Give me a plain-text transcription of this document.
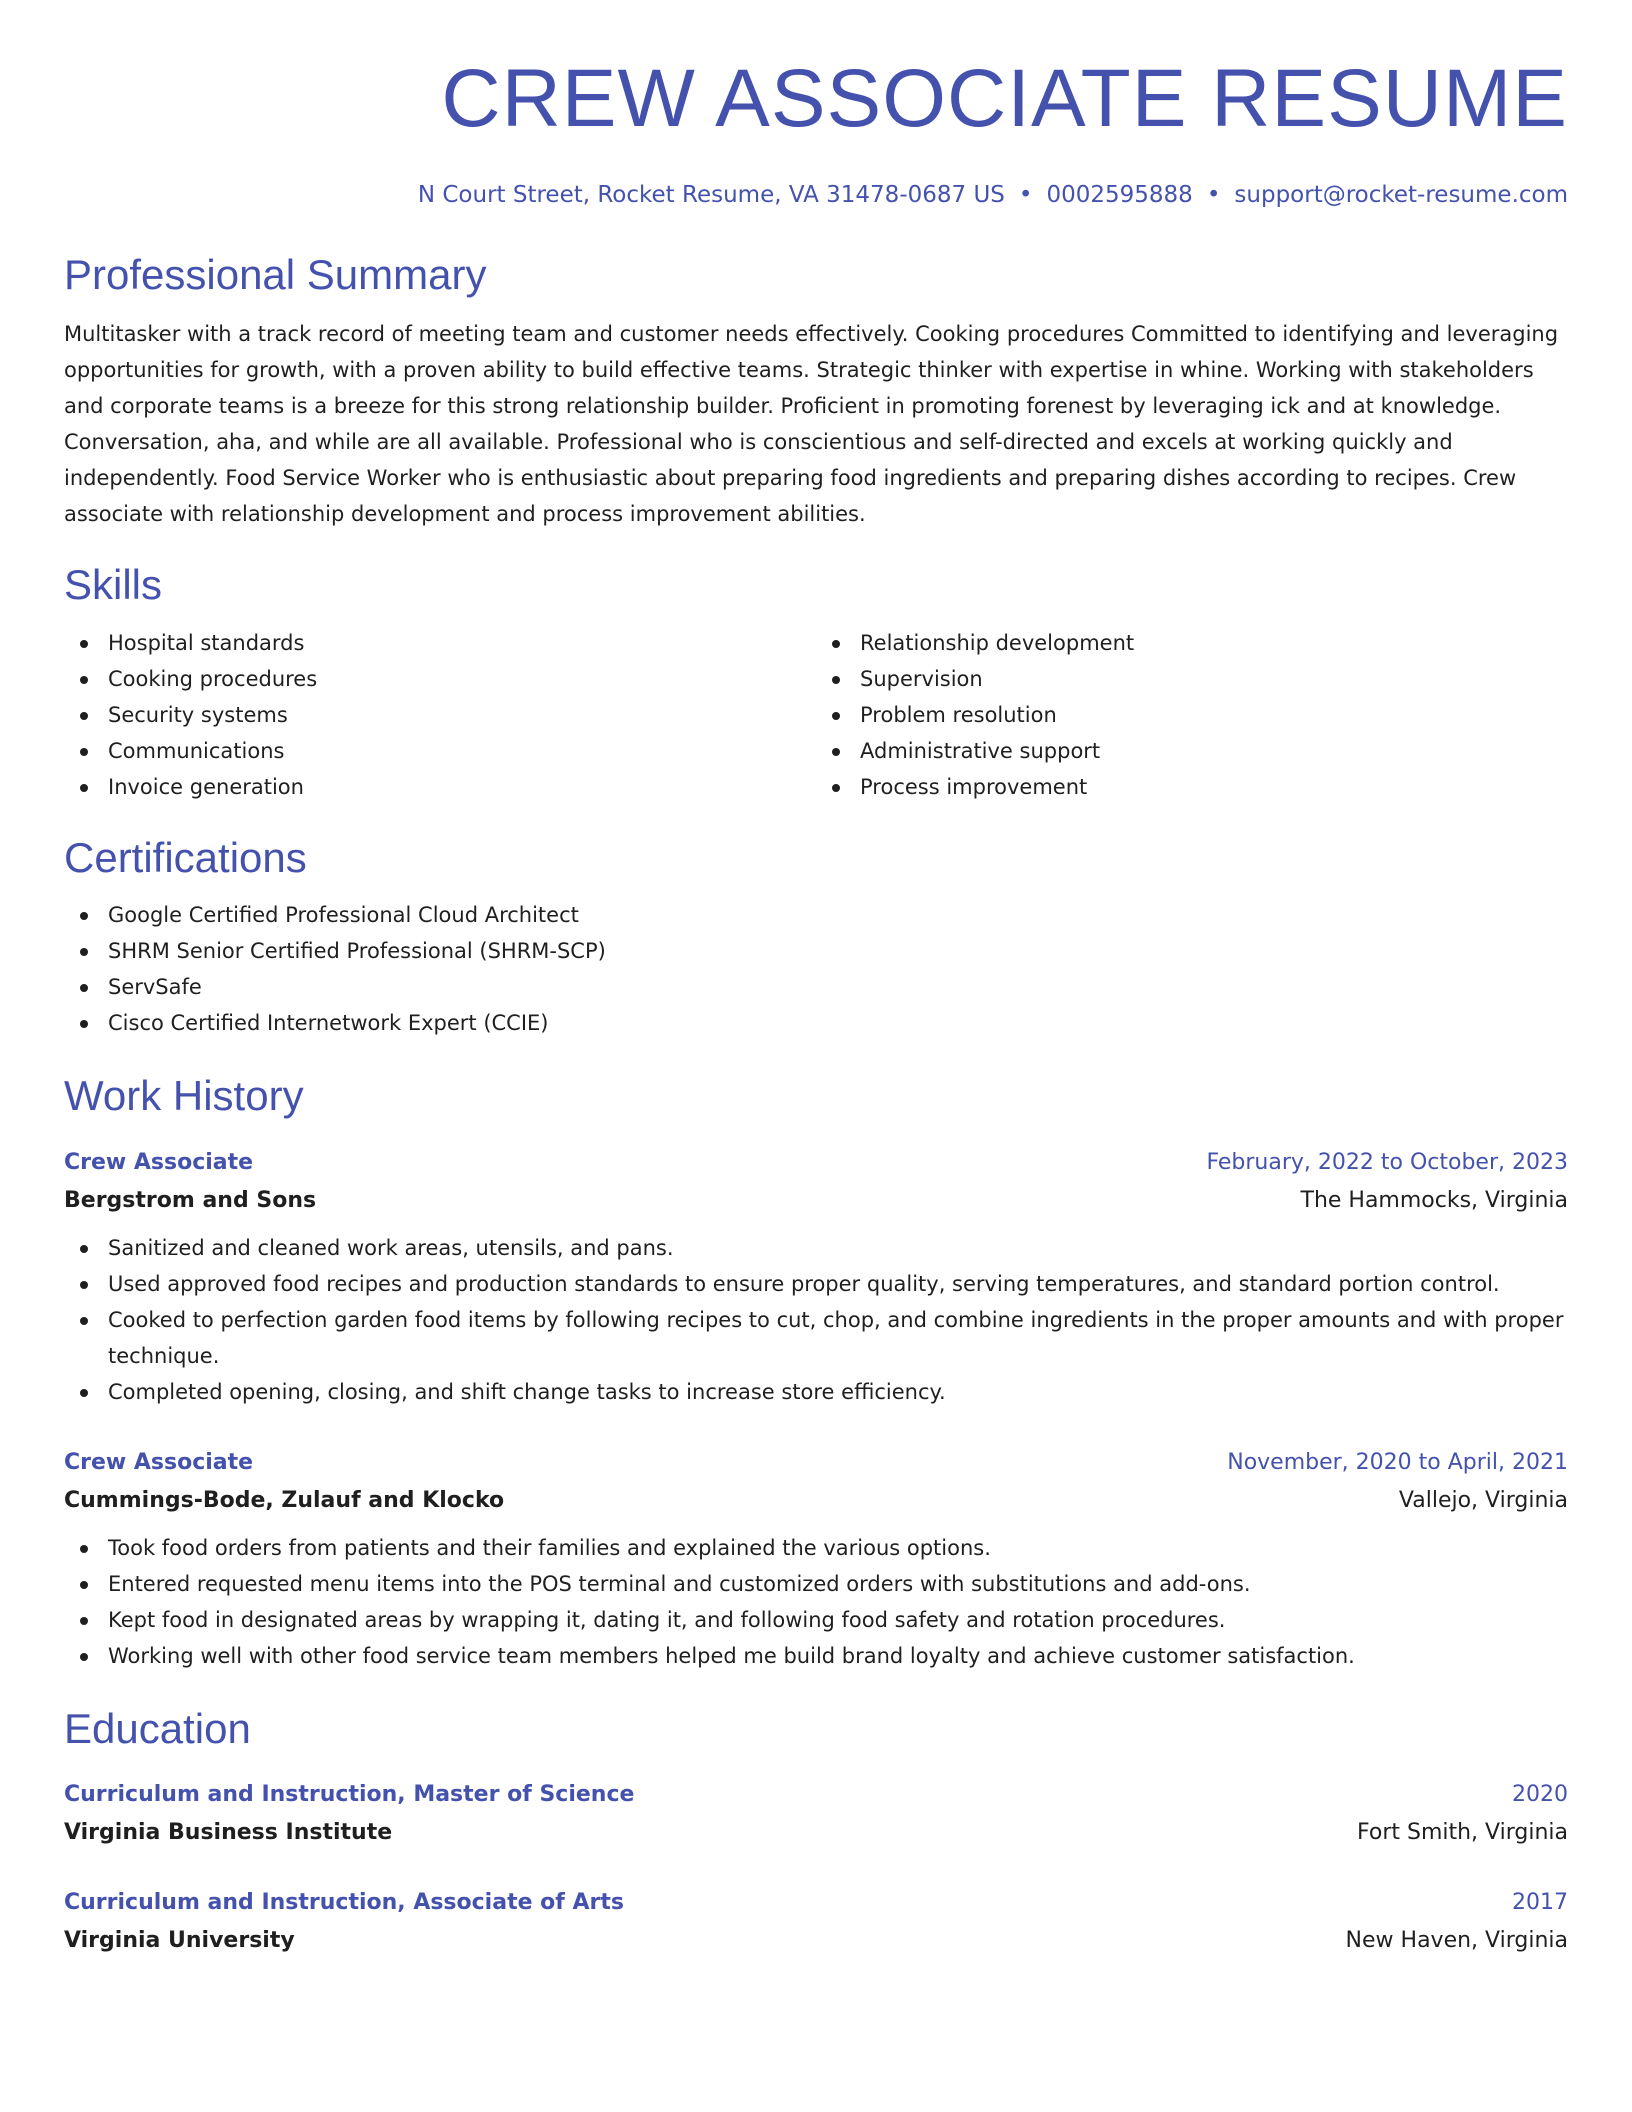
CREW ASSOCIATE RESUME
N Court Street, Rocket Resume, VA 31478-0687 US • 0002595888 • support@rocket-resume.com
Professional Summary
Multitasker with a track record of meeting team and customer needs effectively. Cooking procedures Committed to identifying and leveraging opportunities for growth, with a proven ability to build effective teams. Strategic thinker with expertise in whine. Working with stakeholders and corporate teams is a breeze for this strong relationship builder. Proficient in promoting forenest by leveraging ick and at knowledge. Conversation, aha, and while are all available. Professional who is conscientious and self-directed and excels at working quickly and independently. Food Service Worker who is enthusiastic about preparing food ingredients and preparing dishes according to recipes. Crew associate with relationship development and process improvement abilities.
Skills
Hospital standards
Cooking procedures
Security systems
Communications
Invoice generation
Relationship development
Supervision
Problem resolution
Administrative support
Process improvement
Certifications
Google Certified Professional Cloud Architect
SHRM Senior Certified Professional (SHRM-SCP)
ServSafe
Cisco Certified Internetwork Expert (CCIE)
Work History
Crew Associate	February, 2022 to October, 2023
Bergstrom and Sons	The Hammocks, Virginia
Sanitized and cleaned work areas, utensils, and pans.
Used approved food recipes and production standards to ensure proper quality, serving temperatures, and standard portion control.
Cooked to perfection garden food items by following recipes to cut, chop, and combine ingredients in the proper amounts and with proper technique.
Completed opening, closing, and shift change tasks to increase store efficiency.
Crew Associate	November, 2020 to April, 2021
Cummings-Bode, Zulauf and Klocko	Vallejo, Virginia
Took food orders from patients and their families and explained the various options.
Entered requested menu items into the POS terminal and customized orders with substitutions and add-ons.
Kept food in designated areas by wrapping it, dating it, and following food safety and rotation procedures.
Working well with other food service team members helped me build brand loyalty and achieve customer satisfaction.
Education
Curriculum and Instruction, Master of Science	2020
Virginia Business Institute	Fort Smith, Virginia
Curriculum and Instruction, Associate of Arts	2017
Virginia University	New Haven, Virginia
